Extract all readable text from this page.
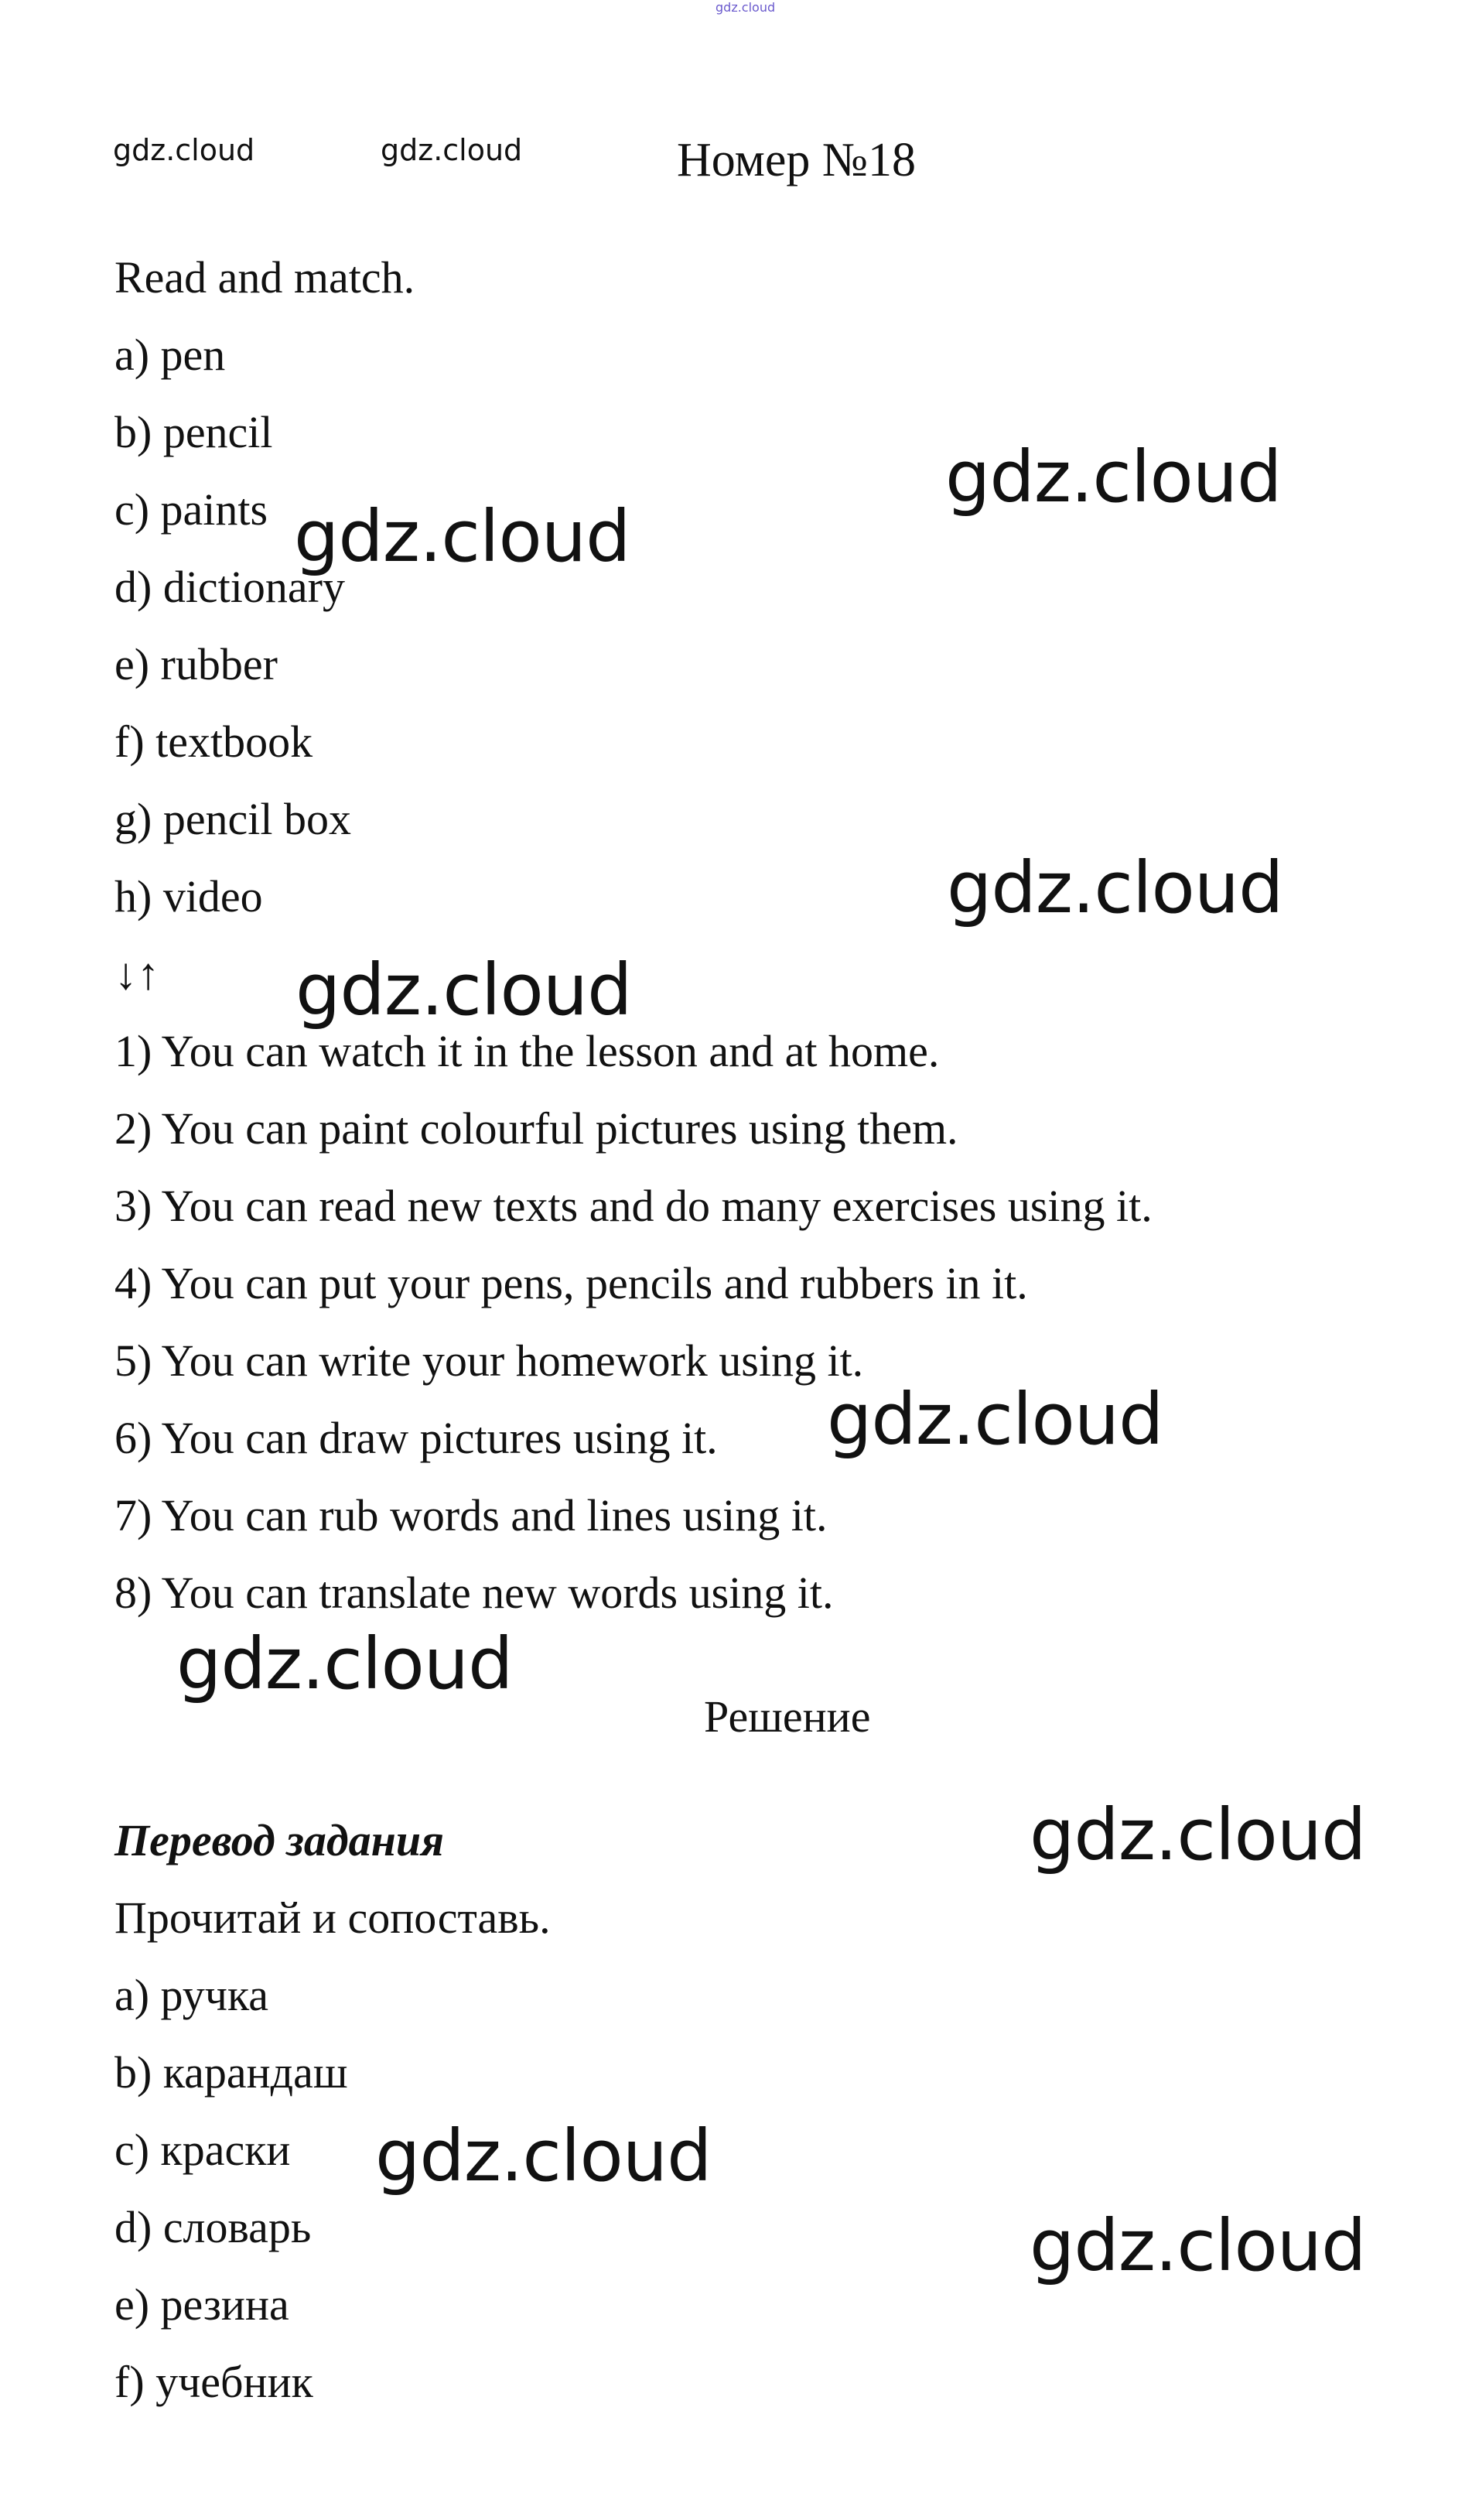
gdz.cloud
gdz.cloud	gdz.cloud	Номер №18
Read and match.
a) pen
b) pencil
c) paints
d) dictionary
e) rubber
f) textbook
g) pencil box
h) video
↓↑
1) You can watch it in the lesson and at home.
2) You can paint colourful pictures using them.
3) You can read new texts and do many exercises using it.
4) You can put your pens, pencils and rubbers in it.
5) You can write your homework using it.
6) You can draw pictures using it.
7) You can rub words and lines using it.
8) You can translate new words using it.
Решение
Перевод задания
Прочитай и сопоставь.
a) ручка
b) карандаш
c) краски
d) словарь
e) резина
f) учебник
gdz.cloud
gdz.cloud
gdz.cloud
gdz.cloud
gdz.cloud
gdz.cloud
gdz.cloud
gdz.cloud
gdz.cloud
